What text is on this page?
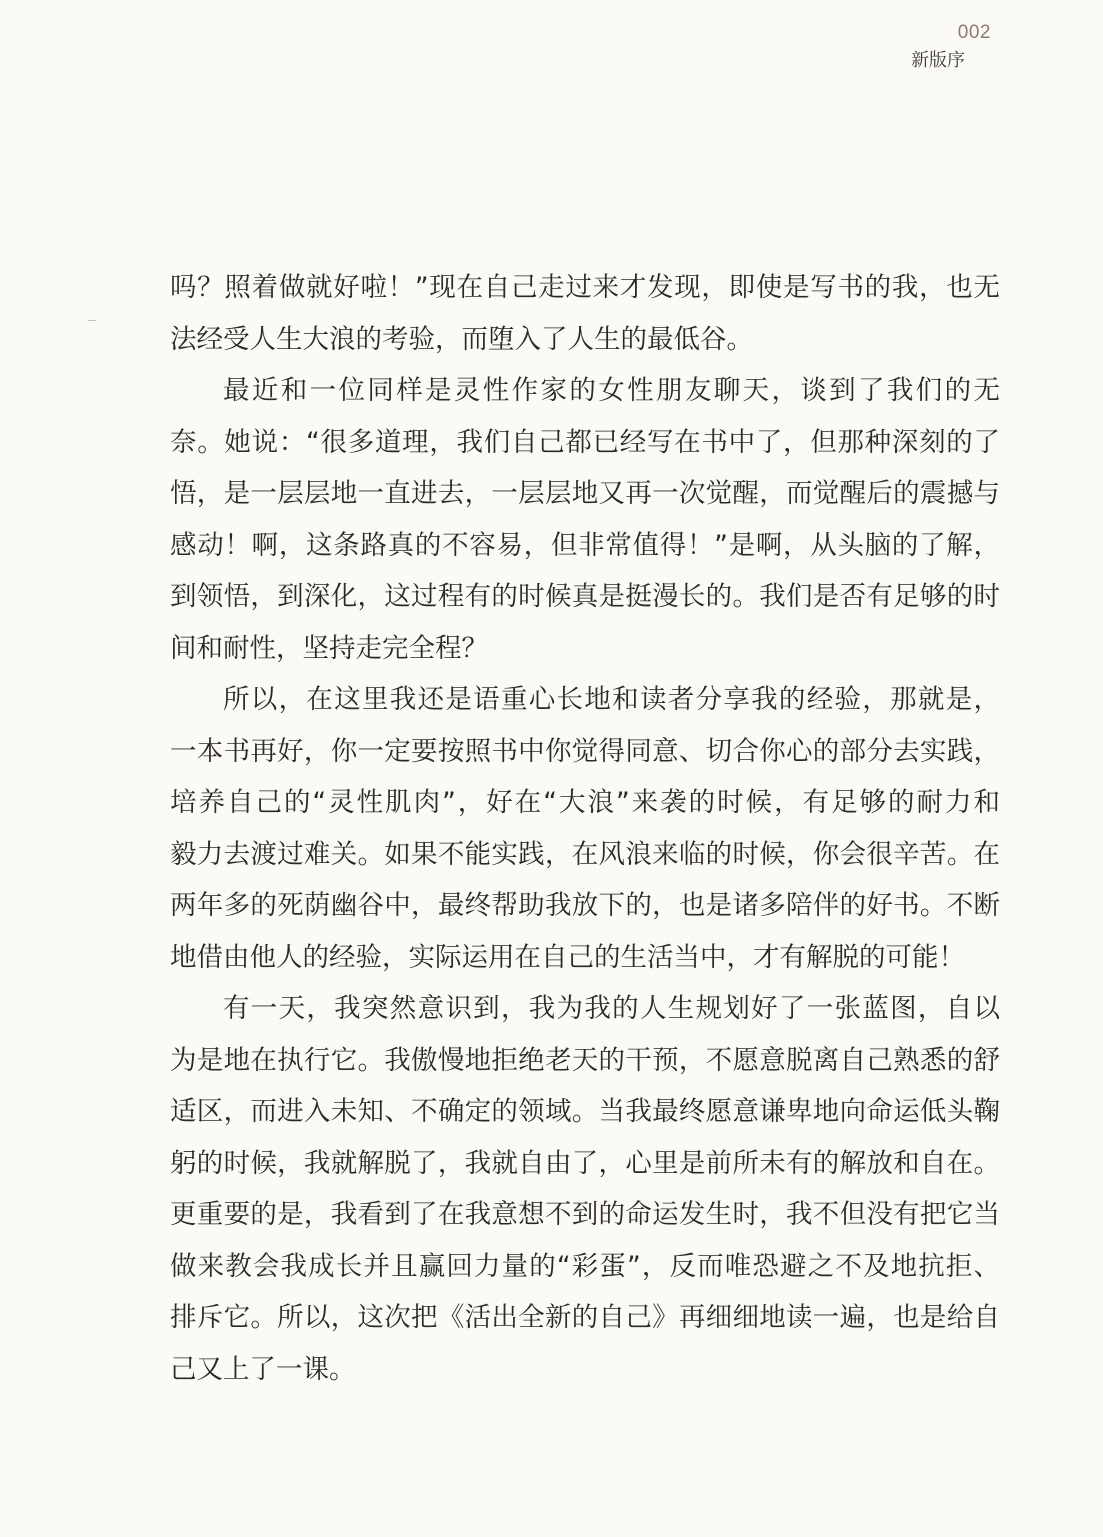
002
新版序

吗？照着做就好啦！”现在自己走过来才发现，即使是写书的我，也无
法经受人生大浪的考验，而堕入了人生的最低谷。

最近和一位同样是灵性作家的女性朋友聊天，谈到了我们的无
奈。她说：“很多道理，我们自己都已经写在书中了，但那种深刻的了
悟，是一层层地一直进去，一层层地又再一次觉醒，而觉醒后的震撼与
感动！啊，这条路真的不容易，但非常值得！”是啊，从头脑的了解，
到领悟，到深化，这过程有的时候真是挺漫长的。我们是否有足够的时
间和耐性，坚持走完全程？

所以，在这里我还是语重心长地和读者分享我的经验，那就是，
一本书再好，你一定要按照书中你觉得同意、切合你心的部分去实践，
培养自己的“灵性肌肉”，好在“大浪”来袭的时候，有足够的耐力和
毅力去渡过难关。如果不能实践，在风浪来临的时候，你会很辛苦。在
两年多的死荫幽谷中，最终帮助我放下的，也是诸多陪伴的好书。不断
地借由他人的经验，实际运用在自己的生活当中，才有解脱的可能！

有一天，我突然意识到，我为我的人生规划好了一张蓝图，自以
为是地在执行它。我傲慢地拒绝老天的干预，不愿意脱离自己熟悉的舒
适区，而进入未知、不确定的领域。当我最终愿意谦卑地向命运低头鞠
躬的时候，我就解脱了，我就自由了，心里是前所未有的解放和自在。
更重要的是，我看到了在我意想不到的命运发生时，我不但没有把它当
做来教会我成长并且赢回力量的“彩蛋”，反而唯恐避之不及地抗拒、
排斥它。所以，这次把《活出全新的自己》再细细地读一遍，也是给自
己又上了一课。
